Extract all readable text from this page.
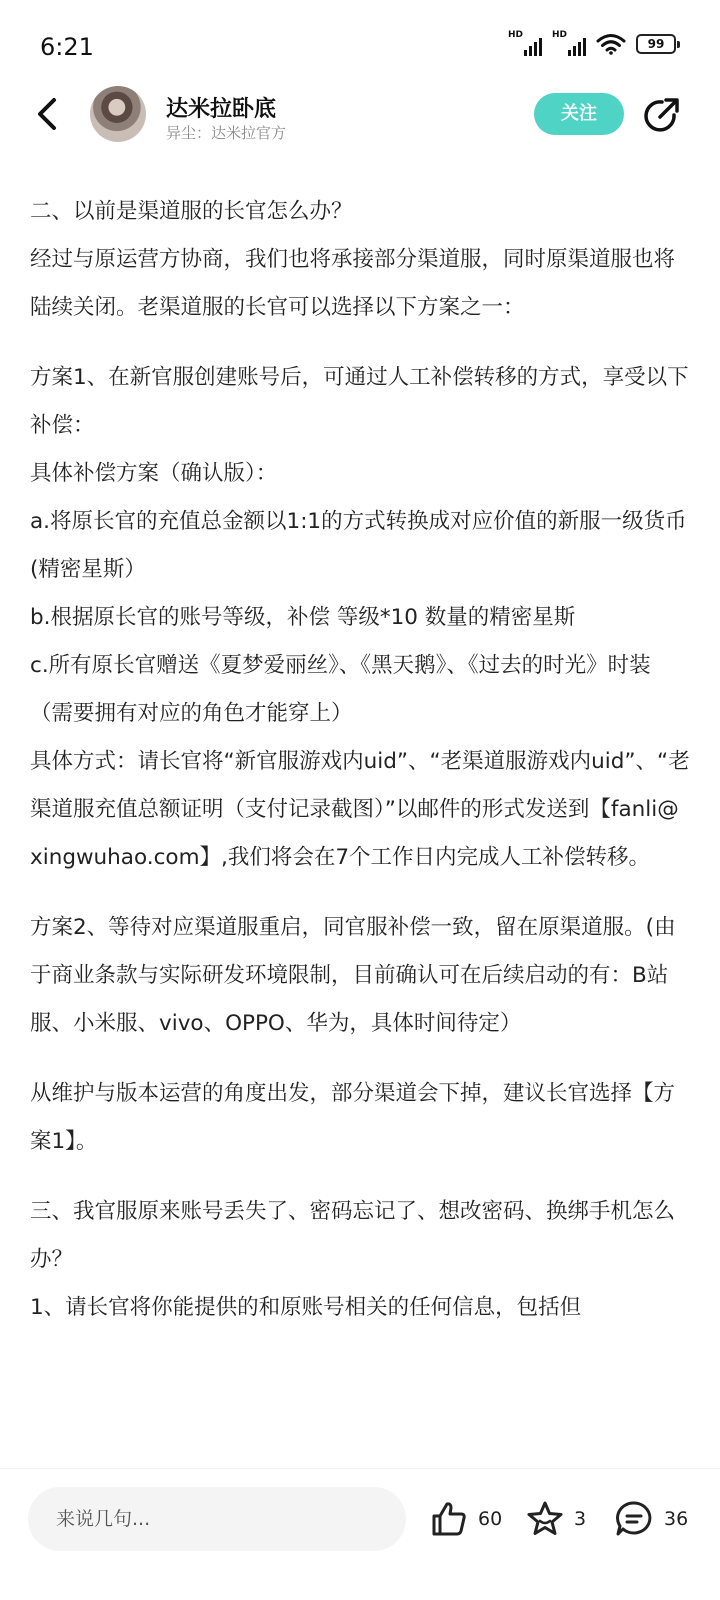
6:21	HD	HD
99
达米拉卧底
异尘：达米拉官方
关注

二、以前是渠道服的长官怎么办？

经过与原运营方协商，我们也将承接部分渠道服，同时原渠道服也将陆续关闭。老渠道服的长官可以选择以下方案之一：

方案1、在新官服创建账号后，可通过人工补偿转移的方式，享受以下补偿：

具体补偿方案（确认版）：

a.将原长官的充值总金额以1:1的方式转换成对应价值的新服一级货币(精密星斯）

b.根据原长官的账号等级，补偿 等级*10 数量的精密星斯

c.所有原长官赠送《夏梦爱丽丝》、《黑天鹅》、《过去的时光》时装（需要拥有对应的角色才能穿上）

具体方式：请长官将“新官服游戏内uid”、“老渠道服游戏内uid”、“老渠道服充值总额证明（支付记录截图）”以邮件的形式发送到【fanli@xingwuhao.com】,我们将会在7个工作日内完成人工补偿转移。

方案2、等待对应渠道服重启，同官服补偿一致，留在原渠道服。(由于商业条款与实际研发环境限制，目前确认可在后续启动的有：B站服、小米服、vivo、OPPO、华为，具体时间待定）

从维护与版本运营的角度出发，部分渠道会下掉，建议长官选择【方案1】。

三、我官服原来账号丢失了、密码忘记了、想改密码、换绑手机怎么办？

1、请长官将你能提供的和原账号相关的任何信息，包括但

来说几句...
60	3	36
